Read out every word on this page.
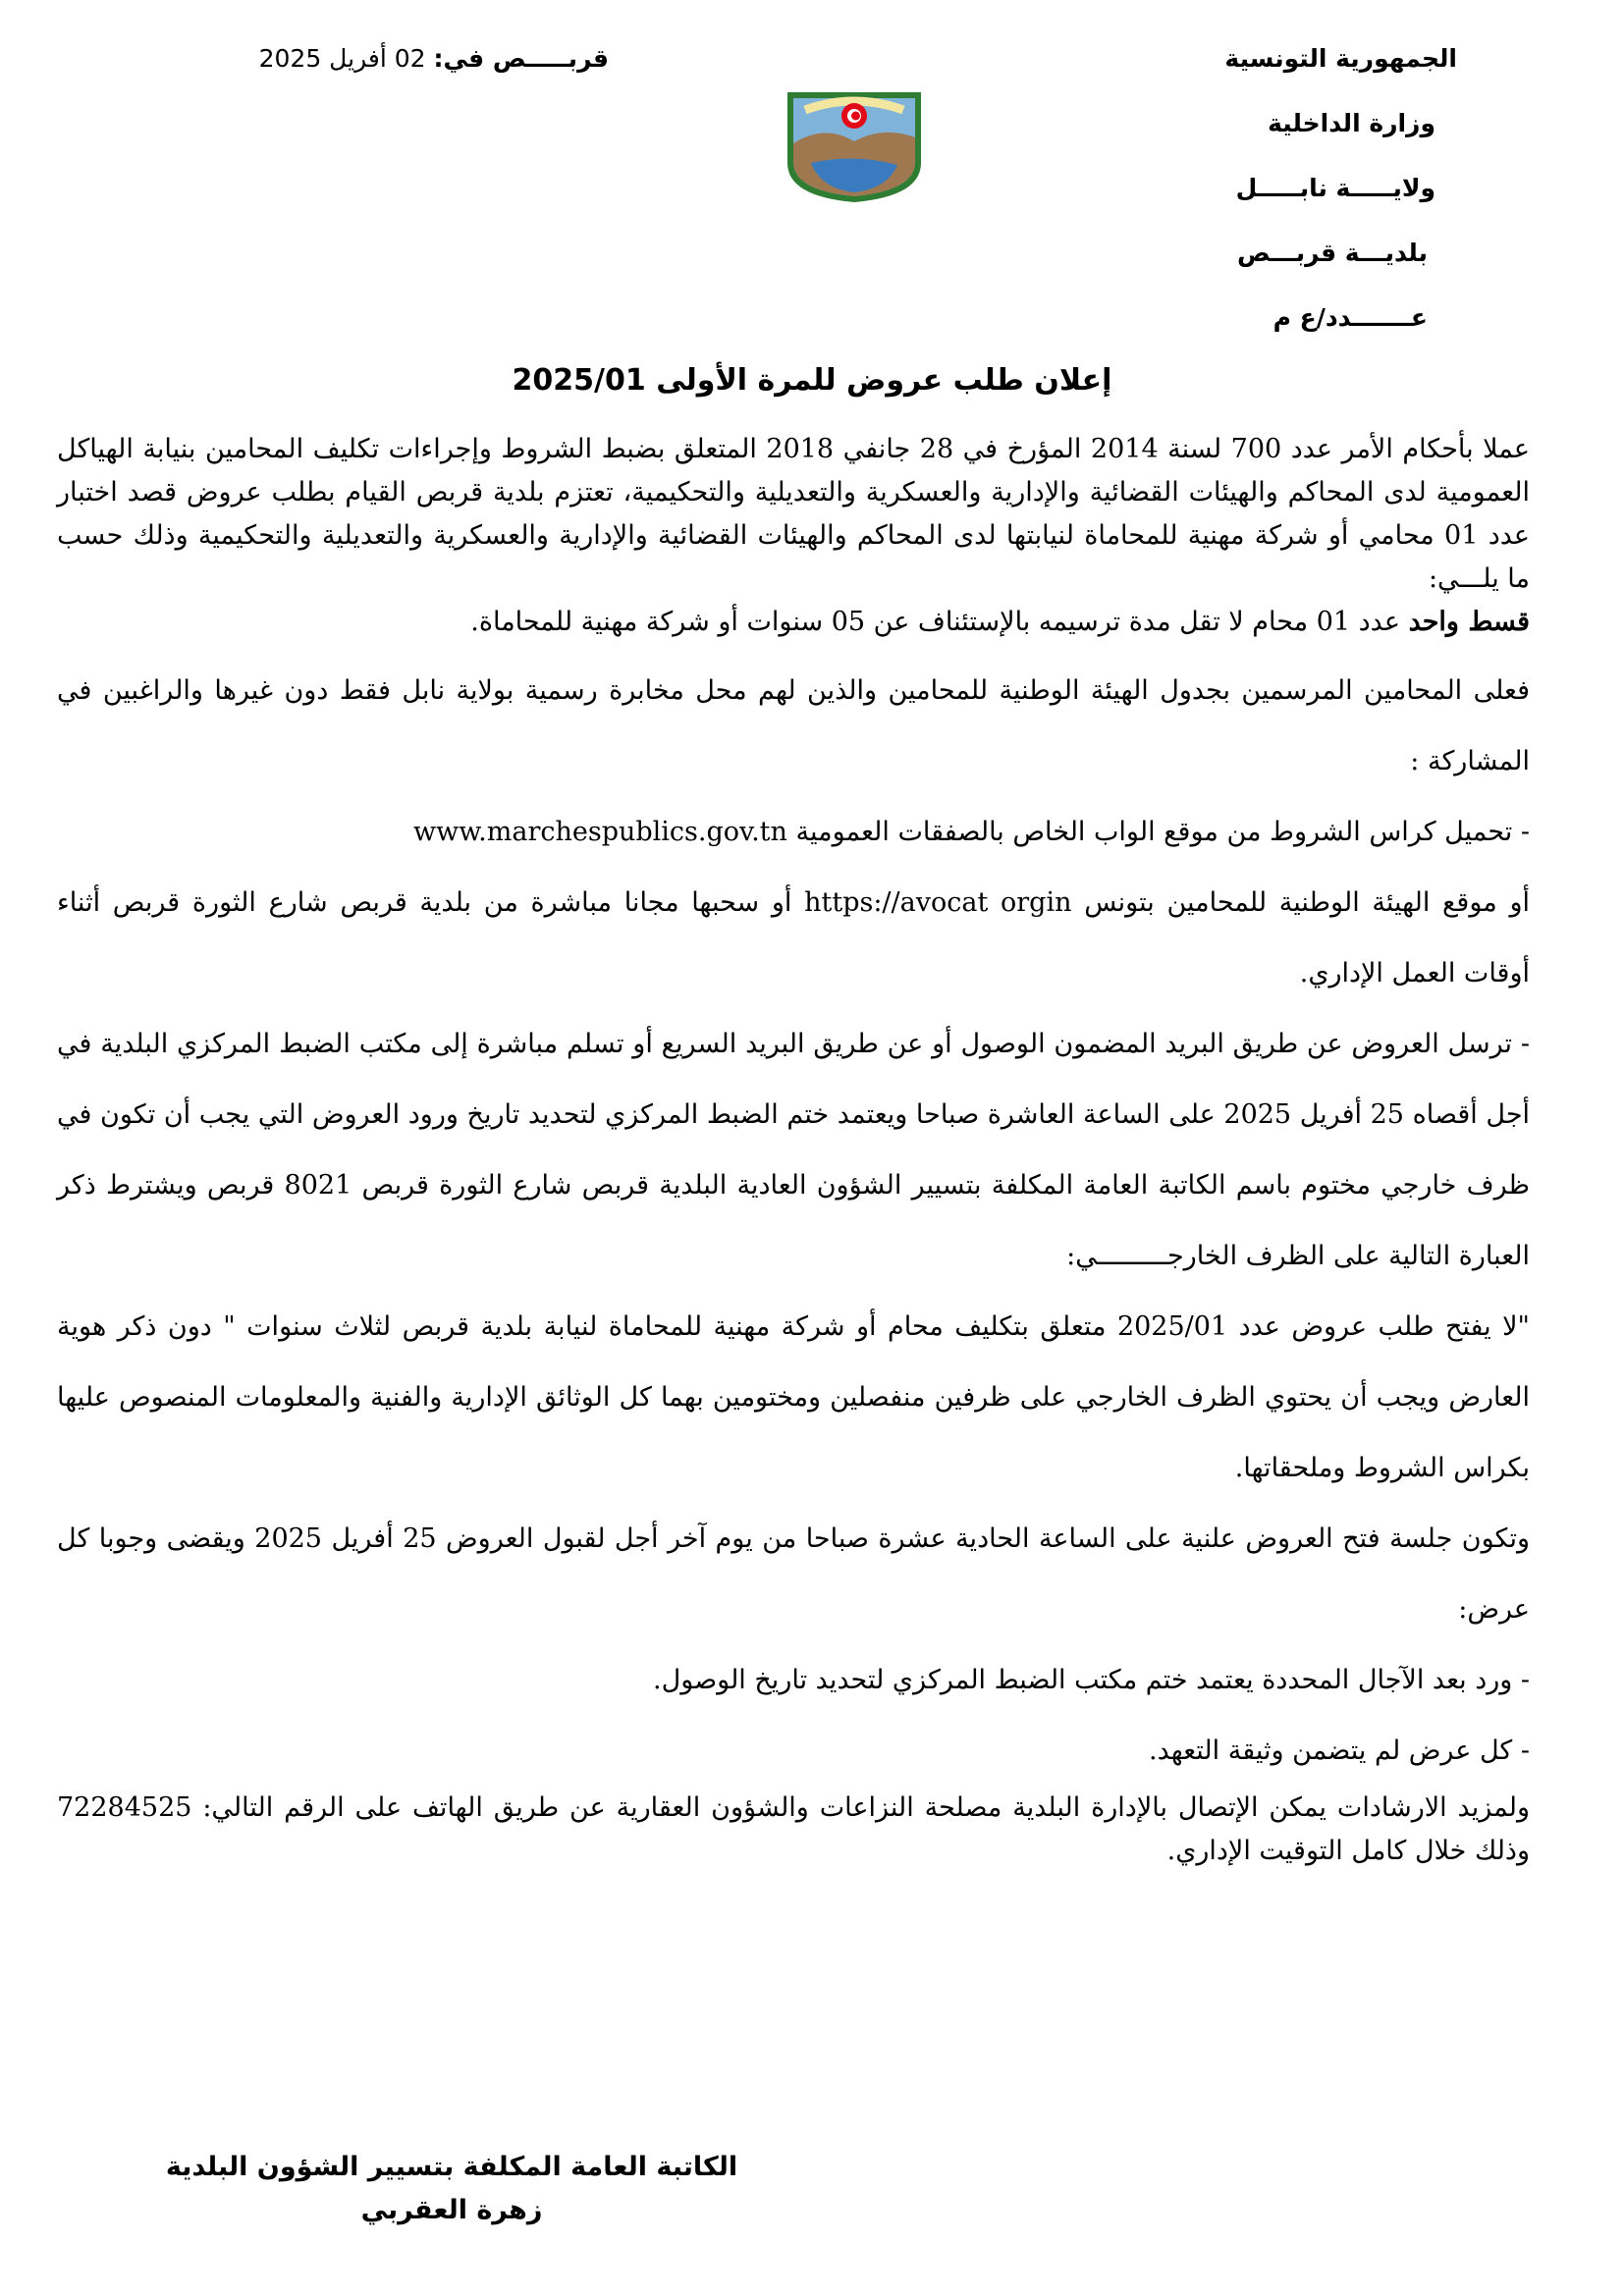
الجمهورية التونسية
وزارة الداخلية
ولايـــــة نابـــــل
بلديـــة قربـــص
عـــــــدد/ع م
قربـــــص في: 02 أفريل 2025
إعلان طلب عروض للمرة الأولى 2025/01

عملا بأحكام الأمر عدد 700 لسنة 2014 المؤرخ في 28 جانفي 2018 المتعلق بضبط الشروط وإجراءات تكليف المحامين بنيابة الهياكل العمومية لدى المحاكم والهيئات القضائية والإدارية والعسكرية والتعديلية والتحكيمية، تعتزم بلدية قربص القيام بطلب عروض قصد اختبار عدد 01 محامي أو شركة مهنية للمحاماة لنيابتها لدى المحاكم والهيئات القضائية والإدارية والعسكرية والتعديلية والتحكيمية وذلك حسب ما يلـــي:

قسط واحد عدد 01 محام لا تقل مدة ترسيمه بالإستئناف عن 05 سنوات أو شركة مهنية للمحاماة.

فعلى المحامين المرسمين بجدول الهيئة الوطنية للمحامين والذين لهم محل مخابرة رسمية بولاية نابل فقط دون غيرها والراغبين في المشاركة :

- تحميل كراس الشروط من موقع الواب الخاص بالصفقات العمومية www.marchespublics.gov.tn

أو موقع الهيئة الوطنية للمحامين بتونس https://avocat orgin أو سحبها مجانا مباشرة من بلدية قربص شارع الثورة قربص أثناء أوقات العمل الإداري.

- ترسل العروض عن طريق البريد المضمون الوصول أو عن طريق البريد السريع أو تسلم مباشرة إلى مكتب الضبط المركزي البلدية في أجل أقصاه 25 أفريل 2025 على الساعة العاشرة صباحا ويعتمد ختم الضبط المركزي لتحديد تاريخ ورود العروض التي يجب أن تكون في ظرف خارجي مختوم باسم الكاتبة العامة المكلفة بتسيير الشؤون العادية البلدية قربص شارع الثورة قربص 8021 قربص ويشترط ذكر العبارة التالية على الظرف الخارجـــــــــي:

"لا يفتح طلب عروض عدد 2025/01 متعلق بتكليف محام أو شركة مهنية للمحاماة لنيابة بلدية قربص لثلاث سنوات " دون ذكر هوية العارض ويجب أن يحتوي الظرف الخارجي على ظرفين منفصلين ومختومين بهما كل الوثائق الإدارية والفنية والمعلومات المنصوص عليها بكراس الشروط وملحقاتها.

وتكون جلسة فتح العروض علنية على الساعة الحادية عشرة صباحا من يوم آخر أجل لقبول العروض 25 أفريل 2025 ويقضى وجوبا كل عرض:

- ورد بعد الآجال المحددة يعتمد ختم مكتب الضبط المركزي لتحديد تاريخ الوصول.

- كل عرض لم يتضمن وثيقة التعهد.

ولمزيد الارشادات يمكن الإتصال بالإدارة البلدية مصلحة النزاعات والشؤون العقارية عن طريق الهاتف على الرقم التالي: 72284525 وذلك خلال كامل التوقيت الإداري.

الكاتبة العامة المكلفة بتسيير الشؤون البلدية
زهرة العقربي
